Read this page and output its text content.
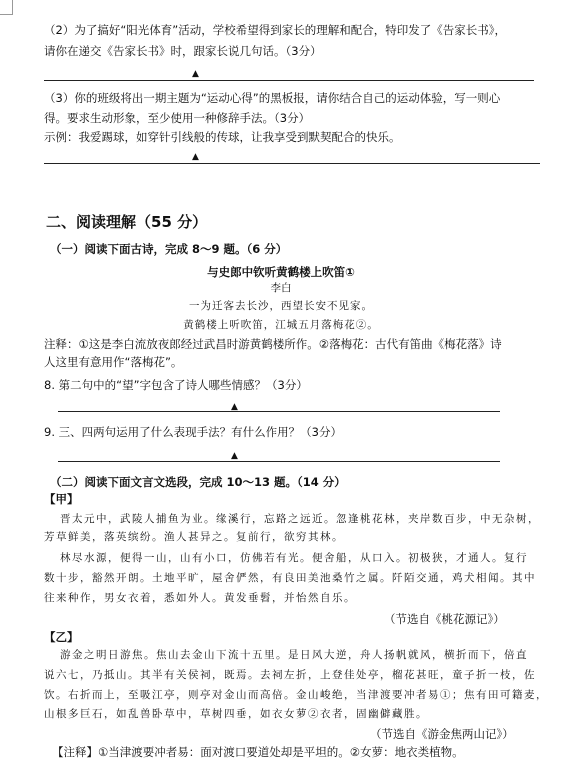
（2）为了搞好“阳光体育”活动，学校希望得到家长的理解和配合，特印发了《告家长书》，
请你在递交《告家长书》时，跟家长说几句话。（3分）
▲
（3）你的班级将出一期主题为“运动心得”的黑板报，请你结合自己的运动体验，写一则心
得。要求生动形象，至少使用一种修辞手法。（3分）
示例：我爱踢球，如穿针引线般的传球，让我享受到默契配合的快乐。
▲
二、阅读理解（55 分）
（一）阅读下面古诗，完成 8～9 题。（6 分）
与史郎中钦听黄鹤楼上吹笛①
李白
一为迁客去长沙，西望长安不见家。
黄鹤楼上听吹笛，江城五月落梅花②。
注释：①这是李白流放夜郎经过武昌时游黄鹤楼所作。②落梅花：古代有笛曲《梅花落》诗
人这里有意用作“落梅花”。
8. 第二句中的“望”字包含了诗人哪些情感？（3分）
▲
9. 三、四两句运用了什么表现手法？有什么作用？（3分）
▲
（二）阅读下面文言文选段，完成 10～13 题。（14 分）
【甲】
晋太元中，武陵人捕鱼为业。缘溪行，忘路之远近。忽逢桃花林，夹岸数百步，中无杂树，
芳草鲜美，落英缤纷。渔人甚异之。复前行，欲穷其林。
林尽水源，便得一山，山有小口，仿佛若有光。便舍船，从口入。初极狭，才通人。复行
数十步，豁然开朗。土地平旷，屋舍俨然，有良田美池桑竹之属。阡陌交通，鸡犬相闻。其中
往来种作，男女衣着，悉如外人。黄发垂髫，并怡然自乐。
（节选自《桃花源记》）
【乙】
游金之明日游焦。焦山去金山下流十五里。是日风大逆，舟人扬帆就风，横折而下，倍直
说六七，乃抵山。其半有关侯祠，既焉。去祠左折，上登佳处亭，榴花甚旺，童子折一枝，佐
饮。右折而上，至吸江亭，则亭对金山而高倍。金山峻绝，当津渡要冲者易①；焦有田可籍麦，
山根多巨石，如乱兽卧草中，草树四垂，如衣女萝②衣者，固幽僻藏胜。
（节选自《游金焦两山记》）
【注释】①当津渡要冲者易：面对渡口要道处却是平坦的。②女萝：地衣类植物。
